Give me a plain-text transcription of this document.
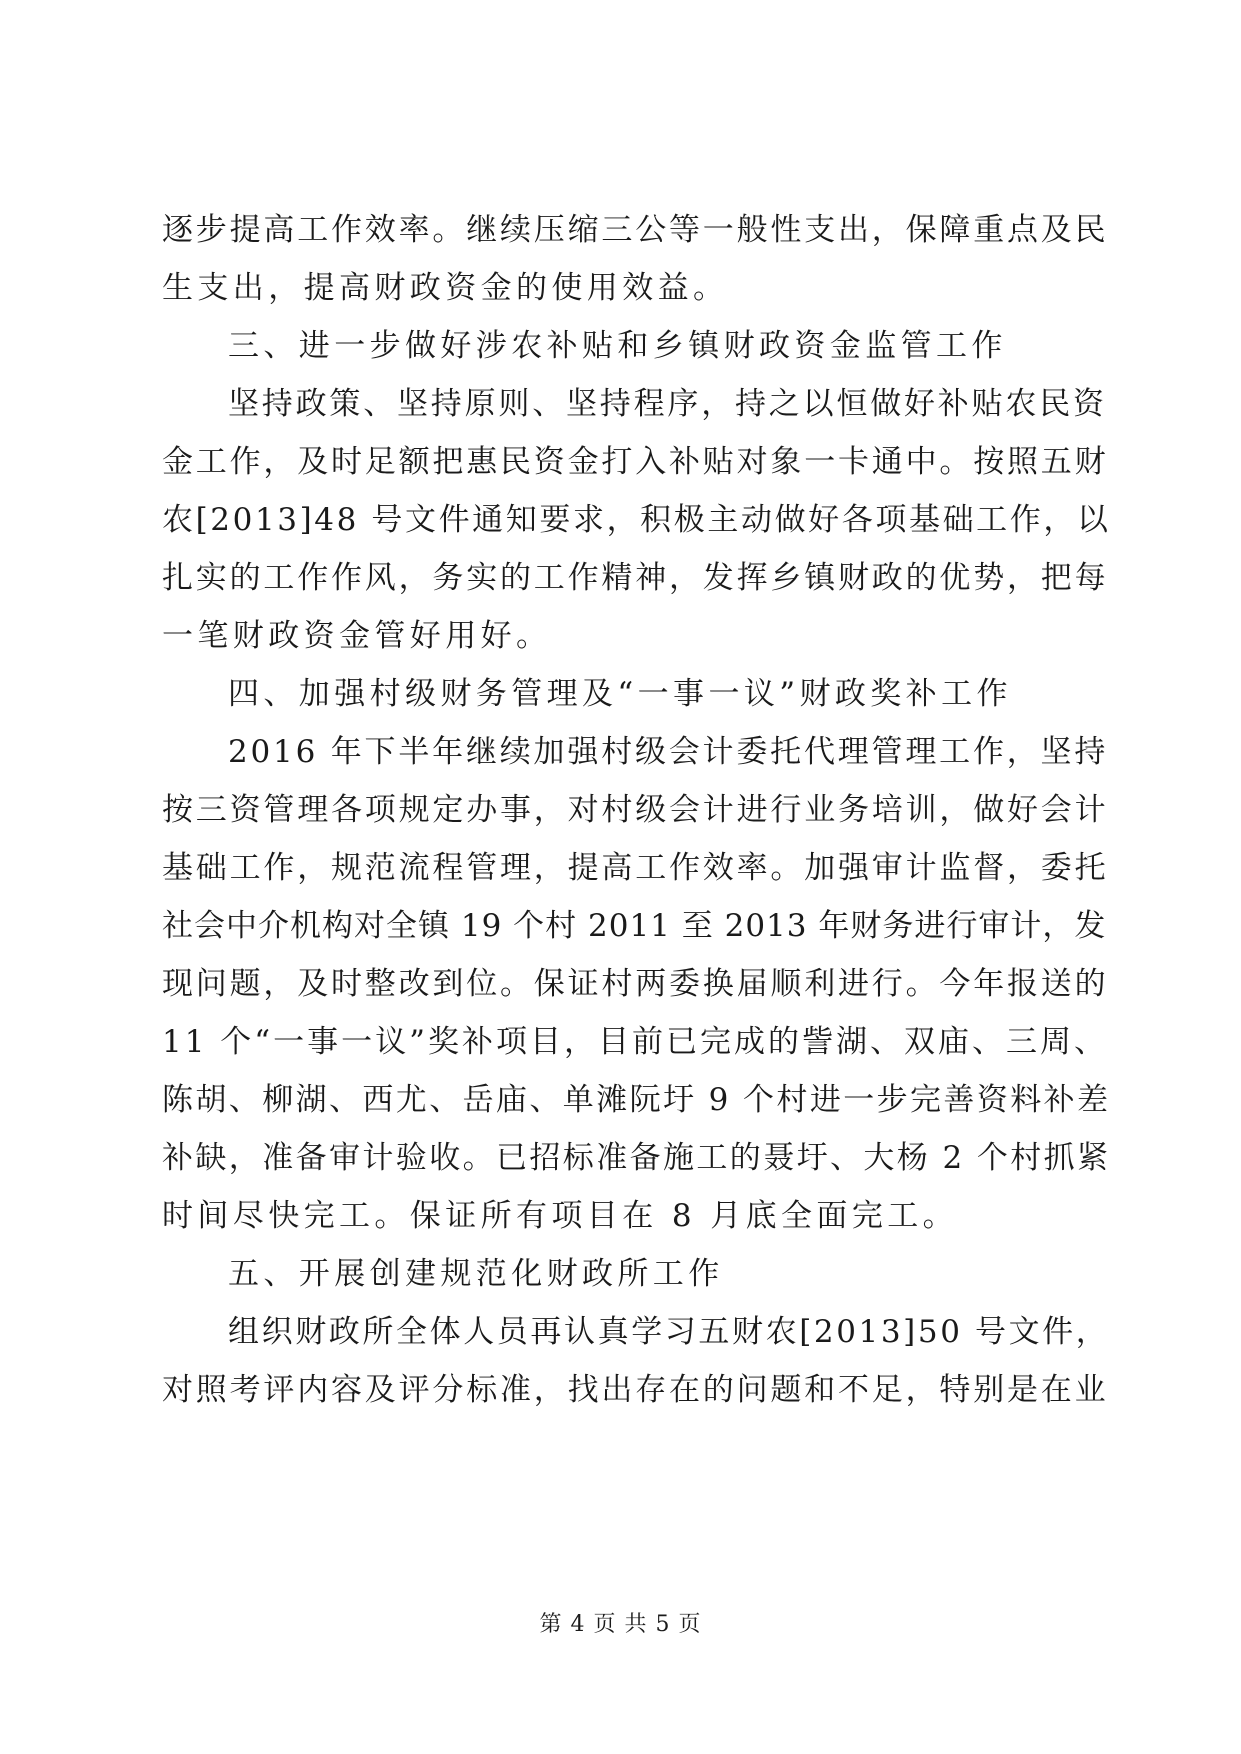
逐步提高工作效率。继续压缩三公等一般性支出，保障重点及民
生支出，提高财政资金的使用效益。
三、进一步做好涉农补贴和乡镇财政资金监管工作
坚持政策、坚持原则、坚持程序，持之以恒做好补贴农民资
金工作，及时足额把惠民资金打入补贴对象一卡通中。按照五财
农[2013]48 号文件通知要求，积极主动做好各项基础工作，以
扎实的工作作风，务实的工作精神，发挥乡镇财政的优势，把每
一笔财政资金管好用好。
四、加强村级财务管理及“一事一议”财政奖补工作
2016 年下半年继续加强村级会计委托代理管理工作，坚持
按三资管理各项规定办事，对村级会计进行业务培训，做好会计
基础工作，规范流程管理，提高工作效率。加强审计监督，委托
社会中介机构对全镇 19 个村 2011 至 2013 年财务进行审计，发
现问题，及时整改到位。保证村两委换届顺利进行。今年报送的
11 个“一事一议”奖补项目，目前已完成的訾湖、双庙、三周、
陈胡、柳湖、西尤、岳庙、单滩阮圩 9 个村进一步完善资料补差
补缺，准备审计验收。已招标准备施工的聂圩、大杨 2 个村抓紧
时间尽快完工。保证所有项目在 8 月底全面完工。
五、开展创建规范化财政所工作
组织财政所全体人员再认真学习五财农[2013]50 号文件，
对照考评内容及评分标准，找出存在的问题和不足，特别是在业
第 4 页 共 5 页
